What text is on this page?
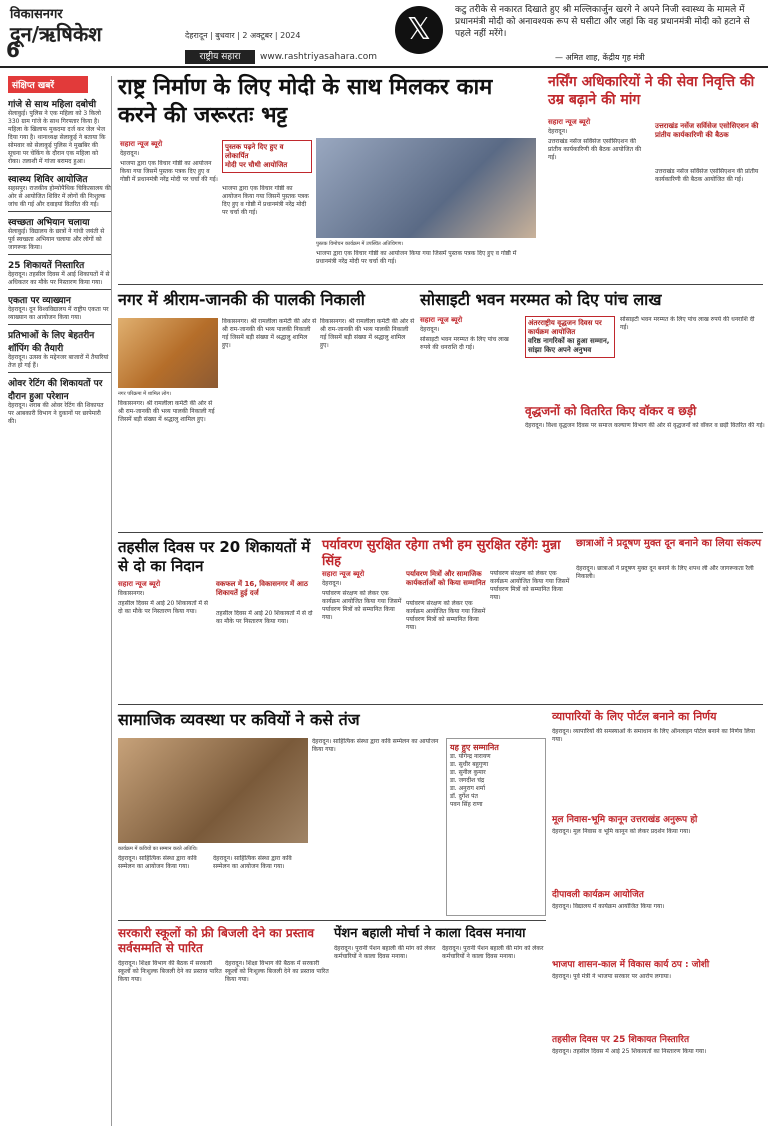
विकासनगर
दून/ऋषिकेश
6
देहरादून | बुधवार | 2 अक्टूबर | 2024
राष्ट्रीय सहारा	www.rashtriyasahara.com
𝕏
कटु तरीके से नकारत दिखाते हुए श्री मल्लिकार्जुन खरगे ने अपने निजी स्वास्थ्य के मामले में प्रधानमंत्री मोदी को अनावश्यक रूप से घसीटा और जहां कि वह प्रधानमंत्री मोदी को हटाने से पहले नहीं मरेंगे।
— अमित शाह, केंद्रीय गृह मंत्री
संक्षिप्त खबरें
गांजे से साथ महिला दबोची
सेलाकुई। पुलिस ने एक महिला को 3 किलो 330 ग्राम गांजे के साथ गिरफ्तार किया है। महिला के खिलाफ मुकदमा दर्ज कर जेल भेज दिया गया है। थानाध्यक्ष सेलाकुई ने बताया कि सोमवार को सेलाकुई पुलिस ने मुखबिर की सूचना पर चेकिंग के दौरान एक महिला को रोका। तलाशी में गांजा बरामद हुआ।
स्वास्थ्य शिविर आयोजित
सहसपुर। राजकीय होम्योपैथिक चिकित्सालय की ओर से आयोजित शिविर में लोगों की निःशुल्क जांच की गई और दवाइयां वितरित की गई।
स्वच्छता अभियान चलाया
सेलाकुई। विद्यालय के छात्रों ने गांधी जयंती से पूर्व स्वच्छता अभियान चलाया और लोगों को जागरूक किया।
25 शिकायतें निस्तारित
देहरादून। तहसील दिवस में आई शिकायतों में से अधिकतर का मौके पर निस्तारण किया गया।
एकता पर व्याख्यान
देहरादून। दून विश्वविद्यालय में राष्ट्रीय एकता पर व्याख्यान का आयोजन किया गया।
प्रतिभाओं के लिए बेहतरीन शॉपिंग की तैयारी
देहरादून। उत्सव के मद्देनजर बाजारों में तैयारियां तेज हो गई हैं।
ओवर रेटिंग की शिकायतों पर दौरान हुआ परेशान
देहरादून। शराब की ओवर रेटिंग की शिकायत पर आबकारी विभाग ने दुकानों पर छापेमारी की।
राष्ट्र निर्माण के लिए मोदी के साथ मिलकर काम करने की जरूरतः भट्ट
सहारा न्यूज ब्यूरो
देहरादून।
भाजपा द्वारा एक विचार गोष्ठी का आयोजन किया गया जिसमें पुस्तक पत्रक दिए हुए व गोष्ठी में प्रधानमंत्री नरेंद्र मोदी पर चर्चा की गई।
पुस्तक पढ़ने दिए हुए व
लोकार्पित
मोदी पर चौथी आयोजित
भाजपा द्वारा एक विचार गोष्ठी का आयोजन किया गया जिसमें पुस्तक पत्रक दिए हुए व गोष्ठी में प्रधानमंत्री नरेंद्र मोदी पर चर्चा की गई।
पुस्तक विमोचन कार्यक्रम में उपस्थित अतिथिगण।
भाजपा द्वारा एक विचार गोष्ठी का आयोजन किया गया जिसमें पुस्तक पत्रक दिए हुए व गोष्ठी में प्रधानमंत्री नरेंद्र मोदी पर चर्चा की गई।
नर्सिंग अधिकारियों ने की सेवा निवृत्ति की उम्र बढ़ाने की मांग
सहारा न्यूज ब्यूरो
देहरादून।
उत्तराखंड नर्सेज सर्विसेज एसोसिएशन की प्रांतीय कार्यकारिणी की बैठक आयोजित की गई।
उत्तराखंड नर्सेज सर्विसेज एसोसिएशन की प्रांतीय कार्यकारिणी की बैठक
उत्तराखंड नर्सेज सर्विसेज एसोसिएशन की प्रांतीय कार्यकारिणी की बैठक आयोजित की गई।
नगर में श्रीराम-जानकी की पालकी निकाली
नगर परिक्रमा में शामिल लोग।
विकासनगर। श्री रामलीला कमेटी की ओर से श्री राम-जानकी की भव्य पालकी निकाली गई जिसमें बड़ी संख्या में श्रद्धालु शामिल हुए।
विकासनगर। श्री रामलीला कमेटी की ओर से श्री राम-जानकी की भव्य पालकी निकाली गई जिसमें बड़ी संख्या में श्रद्धालु शामिल हुए।
विकासनगर। श्री रामलीला कमेटी की ओर से श्री राम-जानकी की भव्य पालकी निकाली गई जिसमें बड़ी संख्या में श्रद्धालु शामिल हुए।
सोसाइटी भवन मरम्मत को दिए पांच लाख
सहारा न्यूज ब्यूरो
देहरादून।
सोसाइटी भवन मरम्मत के लिए पांच लाख रुपये की धनराशि दी गई।
अंतरराष्ट्रीय वृद्धजन दिवस पर कार्यक्रम आयोजित
वरिष्ठ नागरिकों का हुआ सम्मान, सांझा किए अपने अनुभव
सोसाइटी भवन मरम्मत के लिए पांच लाख रुपये की धनराशि दी गई।
वृद्धजनों को वितरित किए वॉकर व छड़ी
देहरादून। विश्व वृद्धजन दिवस पर समाज कल्याण विभाग की ओर से वृद्धजनों को वॉकर व छड़ी वितरित की गई।
तहसील दिवस पर 20 शिकायतों में से दो का निदान
सहारा न्यूज ब्यूरो
विकासनगर।
तहसील दिवस में आई 20 शिकायतों में से दो का मौके पर निस्तारण किया गया।
वकफल में 16, विकासनगर में आठ शिकायतें हुई दर्ज
तहसील दिवस में आई 20 शिकायतों में से दो का मौके पर निस्तारण किया गया।
पर्यावरण सुरक्षित रहेगा तभी हम सुरक्षित रहेंगेः मुन्ना सिंह
सहारा न्यूज ब्यूरो
देहरादून।
पर्यावरण संरक्षण को लेकर एक कार्यक्रम आयोजित किया गया जिसमें पर्यावरण मित्रों को सम्मानित किया गया।
पर्यावरण मित्रों और सामाजिक कार्यकर्ताओं को किया सम्मानित
पर्यावरण संरक्षण को लेकर एक कार्यक्रम आयोजित किया गया जिसमें पर्यावरण मित्रों को सम्मानित किया गया।
पर्यावरण संरक्षण को लेकर एक कार्यक्रम आयोजित किया गया जिसमें पर्यावरण मित्रों को सम्मानित किया गया।
छात्राओं ने प्रदूषण मुक्त दून बनाने का लिया संकल्प
देहरादून। छात्राओं ने प्रदूषण मुक्त दून बनाने के लिए शपथ ली और जागरूकता रैली निकाली।
सामाजिक व्यवस्था पर कवियों ने कसे तंज
कार्यक्रम में कवियों का सम्मान करते अतिथि।
देहरादून। साहित्यिक संस्था द्वारा कवि सम्मेलन का आयोजन किया गया।
देहरादून। साहित्यिक संस्था द्वारा कवि सम्मेलन का आयोजन किया गया।
देहरादून। साहित्यिक संस्था द्वारा कवि सम्मेलन का आयोजन किया गया।	यह हुए सम्मानित
डा. योगेन्द्र नारायण
डा. सुधीर बहुगुणा
डा. सुनील कुमार
डा. जगदीश चंद्र
डा. अनुराग शर्मा
डॉ. दुर्गेश पंत
पवन सिंह राणा
व्यापारियों के लिए पोर्टल बनाने का निर्णय
देहरादून। व्यापारियों की समस्याओं के समाधान के लिए ऑनलाइन पोर्टल बनाने का निर्णय लिया गया।
मूल निवास-भूमि कानून उत्तराखंड अनुरूप हो
देहरादून। मूल निवास व भूमि कानून को लेकर प्रदर्शन किया गया।
दीपावली कार्यक्रम आयोजित
देहरादून। विद्यालय में कार्यक्रम आयोजित किया गया।
भाजपा शासन-काल में विकास कार्य ठप : जोशी
देहरादून। पूर्व मंत्री ने भाजपा सरकार पर आरोप लगाया।
तहसील दिवस पर 25 शिकायत निस्तारित
देहरादून। तहसील दिवस में आई 25 शिकायतों का निस्तारण किया गया।
सरकारी स्कूलों को फ्री बिजली देने का प्रस्ताव सर्वसम्मति से पारित
देहरादून। शिक्षा विभाग की बैठक में सरकारी स्कूलों को निःशुल्क बिजली देने का प्रस्ताव पारित किया गया।
देहरादून। शिक्षा विभाग की बैठक में सरकारी स्कूलों को निःशुल्क बिजली देने का प्रस्ताव पारित किया गया।
पेंशन बहाली मोर्चा ने काला दिवस मनाया
देहरादून। पुरानी पेंशन बहाली की मांग को लेकर कर्मचारियों ने काला दिवस मनाया।
देहरादून। पुरानी पेंशन बहाली की मांग को लेकर कर्मचारियों ने काला दिवस मनाया।
